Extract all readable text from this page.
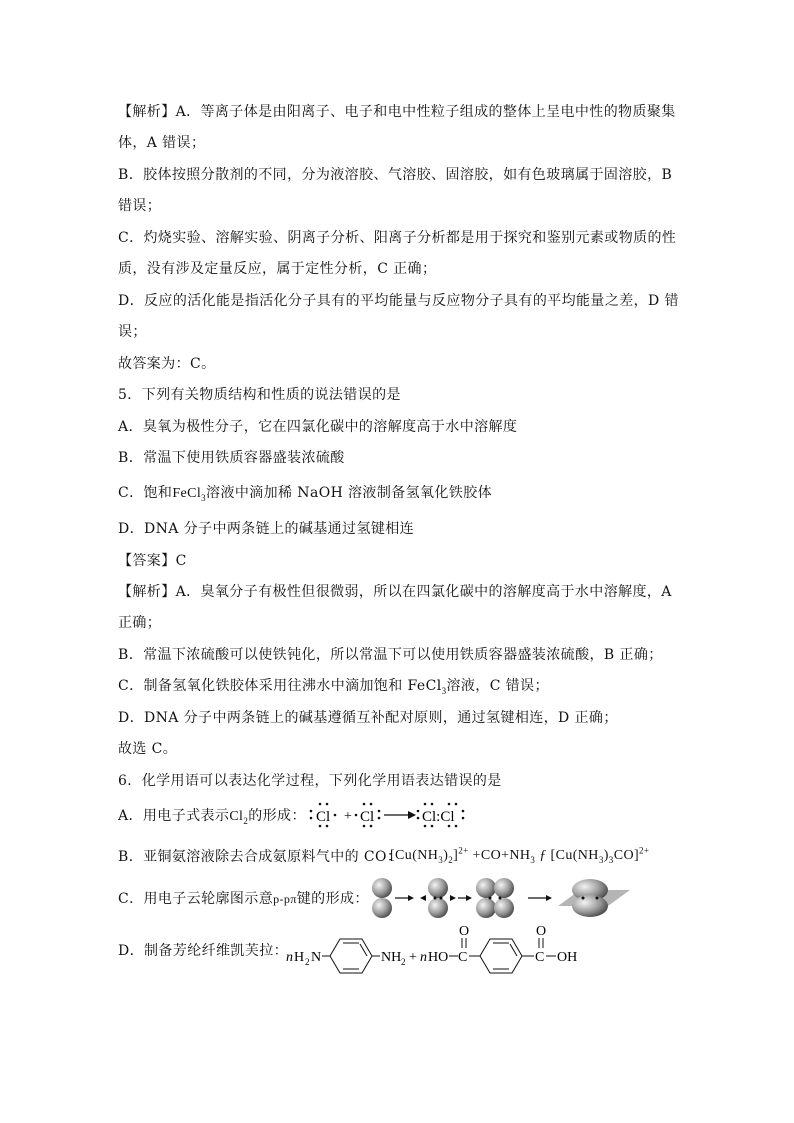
【解析】A．等离子体是由阳离子、电子和电中性粒子组成的整体上呈电中性的物质聚集
体，A 错误；
B．胶体按照分散剂的不同，分为液溶胶、气溶胶、固溶胶，如有色玻璃属于固溶胶，B
错误；
C．灼烧实验、溶解实验、阴离子分析、阳离子分析都是用于探究和鉴别元素或物质的性
质，没有涉及定量反应，属于定性分析，C 正确；
D．反应的活化能是指活化分子具有的平均能量与反应物分子具有的平均能量之差，D 错
误；
故答案为：C。
5．下列有关物质结构和性质的说法错误的是
A．臭氧为极性分子，它在四氯化碳中的溶解度高于水中溶解度
B．常温下使用铁质容器盛装浓硫酸
C．饱和FeCl$_3$溶液中滴加稀 NaOH 溶液制备氢氧化铁胶体
D．DNA 分子中两条链上的碱基通过氢键相连
【答案】C
【解析】A．臭氧分子有极性但很微弱，所以在四氯化碳中的溶解度高于水中溶解度，A
正确；
B．常温下浓硫酸可以使铁钝化，所以常温下可以使用铁质容器盛装浓硫酸，B 正确；
C．制备氢氧化铁胶体采用往沸水中滴加饱和 FeCl$_3$溶液，C 错误；
D．DNA 分子中两条链上的碱基遵循互补配对原则，通过氢键相连，D 正确；
故选 C。
6．化学用语可以表达化学过程，下列化学用语表达错误的是
A．用电子式表示$Cl_2$的形成： Cl + Cl	Cl:Cl
B．亚铜氨溶液除去合成氨原料气中的 CO：
$[Cu(NH_3)_2]^{2+} +CO+NH_3$ ƒ $[Cu(NH_3)_3CO]^{2+}$
C．用电子云轮廓图示意p-pπ键的形成：
D．制备芳纶纤维凯芙拉：
n H 2 N	NH 2 + n HO C
O
C
O
OH
